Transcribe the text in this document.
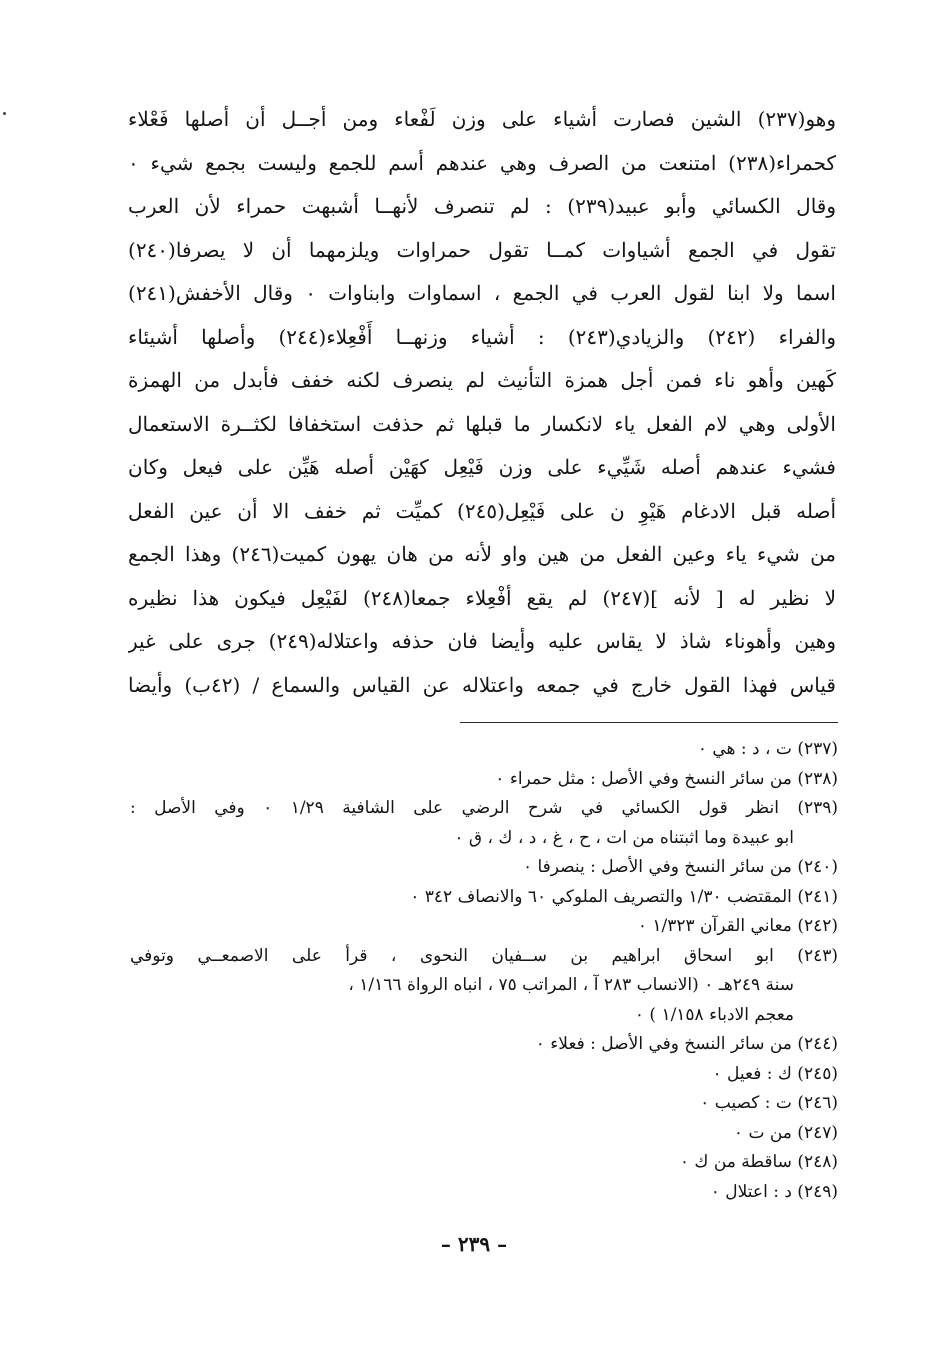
وهو(٢٣٧) الشين فصارت أشياء على وزن لَفْعاء ومن أجــل أن أصلها فَعْلاء
كحمراء(٢٣٨) امتنعت من الصرف وهي عندهم أسم للجمع وليست بجمع شيء ٠
وقال الكسائي وأبو عبيد(٢٣٩) : لم تنصرف لأنهــا أشبهت حمراء لأن العرب
تقول في الجمع أشياوات كمــا تقول حمراوات ويلزمهما أن لا يصرفا(٢٤٠)
اسما ولا ابنا لقول العرب في الجمع ، اسماوات وابناوات ٠ وقال الأخفش(٢٤١)
والفراء (٢٤٢) والزيادي(٢٤٣) : أشياء وزنهــا أَفْعِلاء(٢٤٤) وأصلها أشيئاء
كَهين وأهو ناء فمن أجل همزة التأنيث لم ينصرف لكنه خفف فأبدل من الهمزة
الأولى وهي لام الفعل ياء لانكسار ما قبلها ثم حذفت استخفافا لكثــرة الاستعمال
فشيء عندهم أصله شَيِّيء على وزن فَيْعِل كهَيْن أصله هَيِّن على فيعل وكان
أصله قبل الادغام هَيْوِ ن على فَيْعِل(٢٤٥) كميِّت ثم خفف الا أن عين الفعل
من شيء ياء وعين الفعل من هين واو لأنه من هان يهون كميت(٢٤٦) وهذا الجمع
لا نظير له [ لأنه ](٢٤٧) لم يقع أفْعِلاء جمعا(٢٤٨) لفَيْعِل فيكون هذا نظيره
وهين وأهوناء شاذ لا يقاس عليه وأيضا فان حذفه واعتلاله(٢٤٩) جرى على غير
قياس فهذا القول خارج في جمعه واعتلاله عن القياس والسماع / (٤٢ب) وأيضا
(٢٣٧) ت ، د : هي ٠
(٢٣٨) من سائر النسخ وفي الأصل : مثل حمراء ٠
(٢٣٩) انظر قول الكسائي في شرح الرضي على الشافية ١/٢٩ ٠ وفي الأصل :
ابو عبيدة وما اثبتناه من ات ، ح ، غ ، د ، ك ، ق ٠
(٢٤٠) من سائر النسخ وفي الأصل : ينصرفا ٠
(٢٤١) المقتضب ١/٣٠ والتصريف الملوكي ٦٠ والانصاف ٣٤٢ ٠
(٢٤٢) معاني القرآن ١/٣٢٣ ٠
(٢٤٣) ابو اسحاق ابراهيم بن ســفيان النحوى ، قرأ على الاصمعــي وتوفي
سنة ٢٤٩هـ ٠ (الانساب ٢٨٣ آ ، المراتب ٧٥ ، انباه الرواة ١/١٦٦ ،
معجم الادباء ١/١٥٨ ) ٠
(٢٤٤) من سائر النسخ وفي الأصل : فعلاء ٠
(٢٤٥) ك : فعيل ٠
(٢٤٦) ت : كصيب ٠
(٢٤٧) من ت ٠
(٢٤٨) ساقطة من ك ٠
(٢٤٩) د : اعتلال ٠
– ٢٣٩ –
